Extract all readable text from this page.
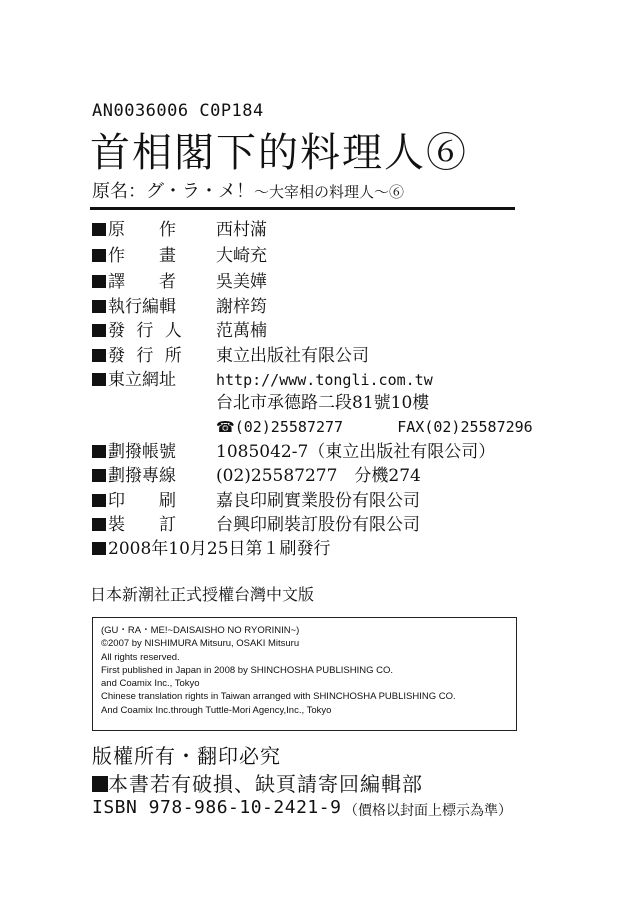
AN0036006 C0P184
首相閣下的料理人⑥
原名：グ・ラ・メ！～大宰相の料理人～⑥
原　　作 西村滿
作　　畫 大崎充
譯　　者 吳美嬅
執行編輯 謝梓筠
發 行 人 范萬楠
發 行 所 東立出版社有限公司
東立網址	http://www.tongli.com.tw
台北市承德路二段81號10樓
☎(02)25587277	FAX(02)25587296
劃撥帳號 1085042-7（東立出版社有限公司）
劃撥專線 (02)25587277　分機274
印　　刷 嘉良印刷實業股份有限公司
裝　　訂 台興印刷裝訂股份有限公司
2008年10月25日第１刷發行
日本新潮社正式授權台灣中文版
(GU・RA・ME!~DAISAISHO NO RYORININ~)
©2007 by NISHIMURA Mitsuru, OSAKI Mitsuru
All rights reserved.
First published in Japan in 2008 by SHINCHOSHA PUBLISHING CO.
and Coamix Inc., Tokyo
Chinese translation rights in Taiwan arranged with SHINCHOSHA PUBLISHING CO.
And Coamix Inc.through Tuttle-Mori Agency,Inc., Tokyo
版權所有・翻印必究
本書若有破損、缺頁請寄回編輯部
ISBN 978-986-10-2421-9 （價格以封面上標示為準）
